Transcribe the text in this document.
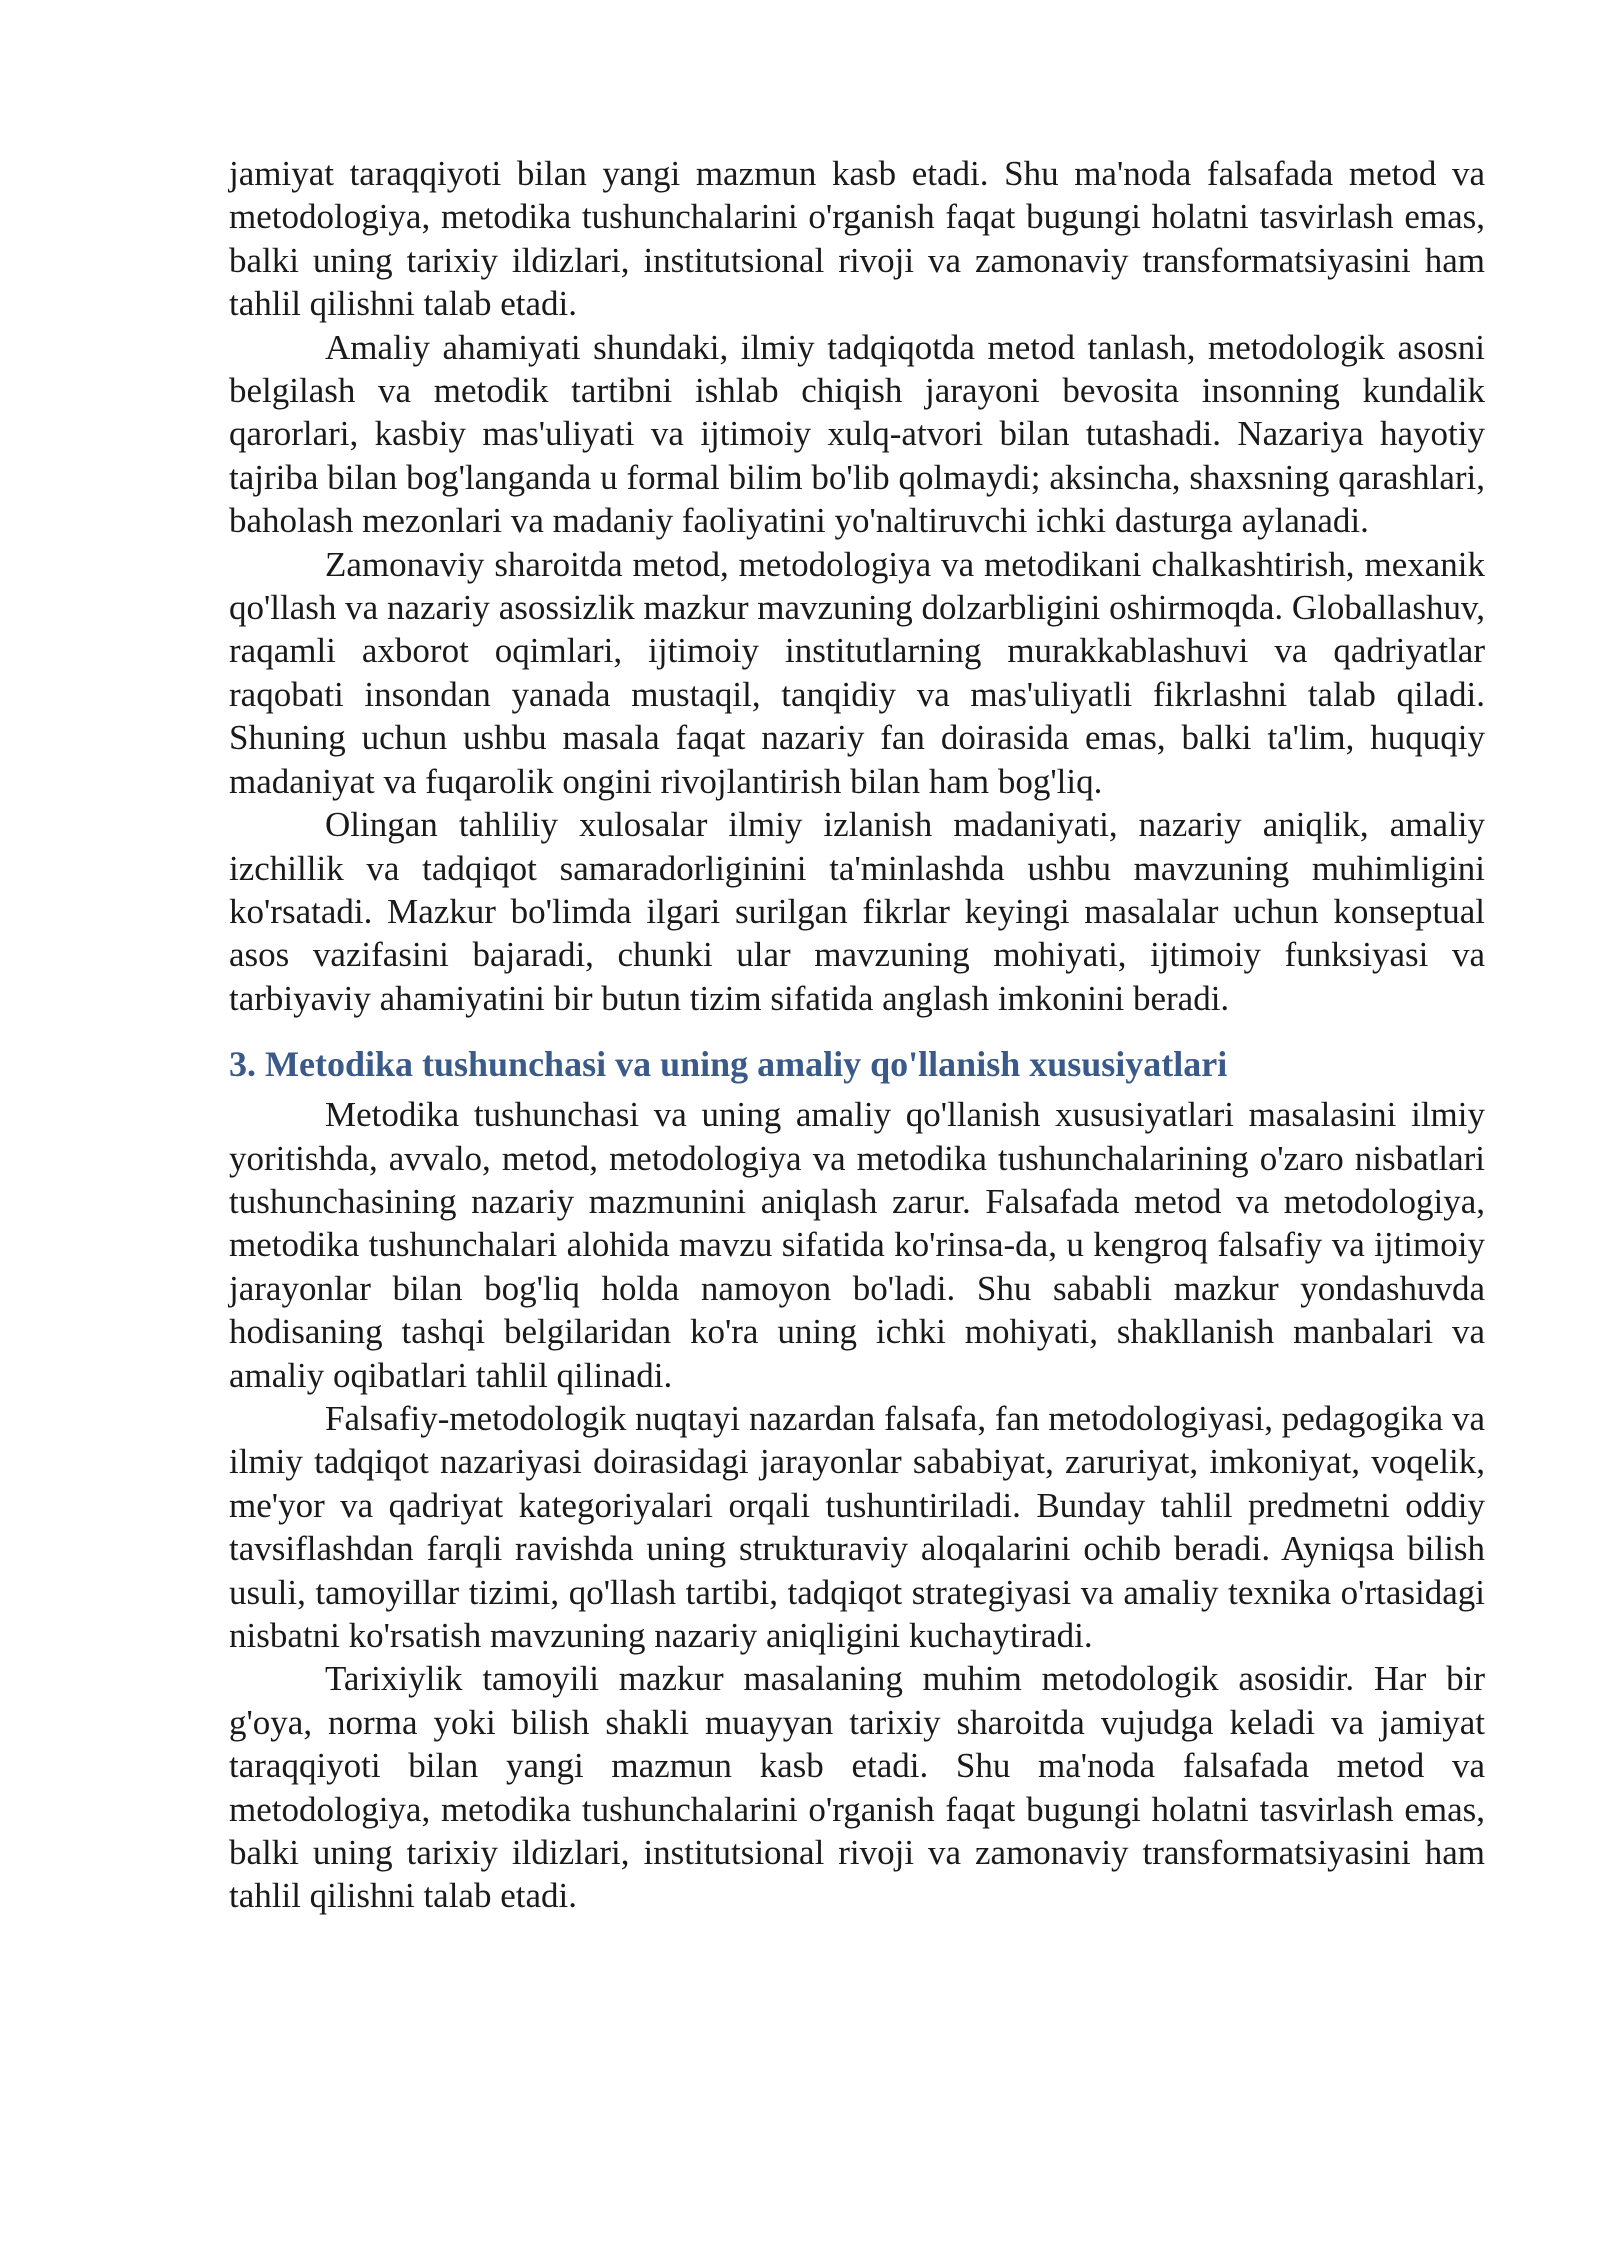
jamiyat taraqqiyoti bilan yangi mazmun kasb etadi. Shu ma'noda falsafada metod va metodologiya, metodika tushunchalarini o'rganish faqat bugungi holatni tasvirlash emas, balki uning tarixiy ildizlari, institutsional rivoji va zamonaviy transformatsiyasini ham tahlil qilishni talab etadi.

Amaliy ahamiyati shundaki, ilmiy tadqiqotda metod tanlash, metodologik asosni belgilash va metodik tartibni ishlab chiqish jarayoni bevosita insonning kundalik qarorlari, kasbiy mas'uliyati va ijtimoiy xulq-atvori bilan tutashadi. Nazariya hayotiy tajriba bilan bog'langanda u formal bilim bo'lib qolmaydi; aksincha, shaxsning qarashlari, baholash mezonlari va madaniy faoliyatini yo'naltiruvchi ichki dasturga aylanadi.

Zamonaviy sharoitda metod, metodologiya va metodikani chalkashtirish, mexanik qo'llash va nazariy asossizlik mazkur mavzuning dolzarbligini oshirmoqda. Globallashuv, raqamli axborot oqimlari, ijtimoiy institutlarning murakkablashuvi va qadriyatlar raqobati insondan yanada mustaqil, tanqidiy va mas'uliyatli fikrlashni talab qiladi. Shuning uchun ushbu masala faqat nazariy fan doirasida emas, balki ta'lim, huquqiy madaniyat va fuqarolik ongini rivojlantirish bilan ham bog'liq.

Olingan tahliliy xulosalar ilmiy izlanish madaniyati, nazariy aniqlik, amaliy izchillik va tadqiqot samaradorliginini ta'minlashda ushbu mavzuning muhimligini ko'rsatadi. Mazkur bo'limda ilgari surilgan fikrlar keyingi masalalar uchun konseptual asos vazifasini bajaradi, chunki ular mavzuning mohiyati, ijtimoiy funksiyasi va tarbiyaviy ahamiyatini bir butun tizim sifatida anglash imkonini beradi.

3. Metodika tushunchasi va uning amaliy qo'llanish xususiyatlari

Metodika tushunchasi va uning amaliy qo'llanish xususiyatlari masalasini ilmiy yoritishda, avvalo, metod, metodologiya va metodika tushunchalarining o'zaro nisbatlari tushunchasining nazariy mazmunini aniqlash zarur. Falsafada metod va metodologiya, metodika tushunchalari alohida mavzu sifatida ko'rinsa-da, u kengroq falsafiy va ijtimoiy jarayonlar bilan bog'liq holda namoyon bo'ladi. Shu sababli mazkur yondashuvda hodisaning tashqi belgilaridan ko'ra uning ichki mohiyati, shakllanish manbalari va amaliy oqibatlari tahlil qilinadi.

Falsafiy-metodologik nuqtayi nazardan falsafa, fan metodologiyasi, pedagogika va ilmiy tadqiqot nazariyasi doirasidagi jarayonlar sababiyat, zaruriyat, imkoniyat, voqelik, me'yor va qadriyat kategoriyalari orqali tushuntiriladi. Bunday tahlil predmetni oddiy tavsiflashdan farqli ravishda uning strukturaviy aloqalarini ochib beradi. Ayniqsa bilish usuli, tamoyillar tizimi, qo'llash tartibi, tadqiqot strategiyasi va amaliy texnika o'rtasidagi nisbatni ko'rsatish mavzuning nazariy aniqligini kuchaytiradi.

Tarixiylik tamoyili mazkur masalaning muhim metodologik asosidir. Har bir g'oya, norma yoki bilish shakli muayyan tarixiy sharoitda vujudga keladi va jamiyat taraqqiyoti bilan yangi mazmun kasb etadi. Shu ma'noda falsafada metod va metodologiya, metodika tushunchalarini o'rganish faqat bugungi holatni tasvirlash emas, balki uning tarixiy ildizlari, institutsional rivoji va zamonaviy transformatsiyasini ham tahlil qilishni talab etadi.
